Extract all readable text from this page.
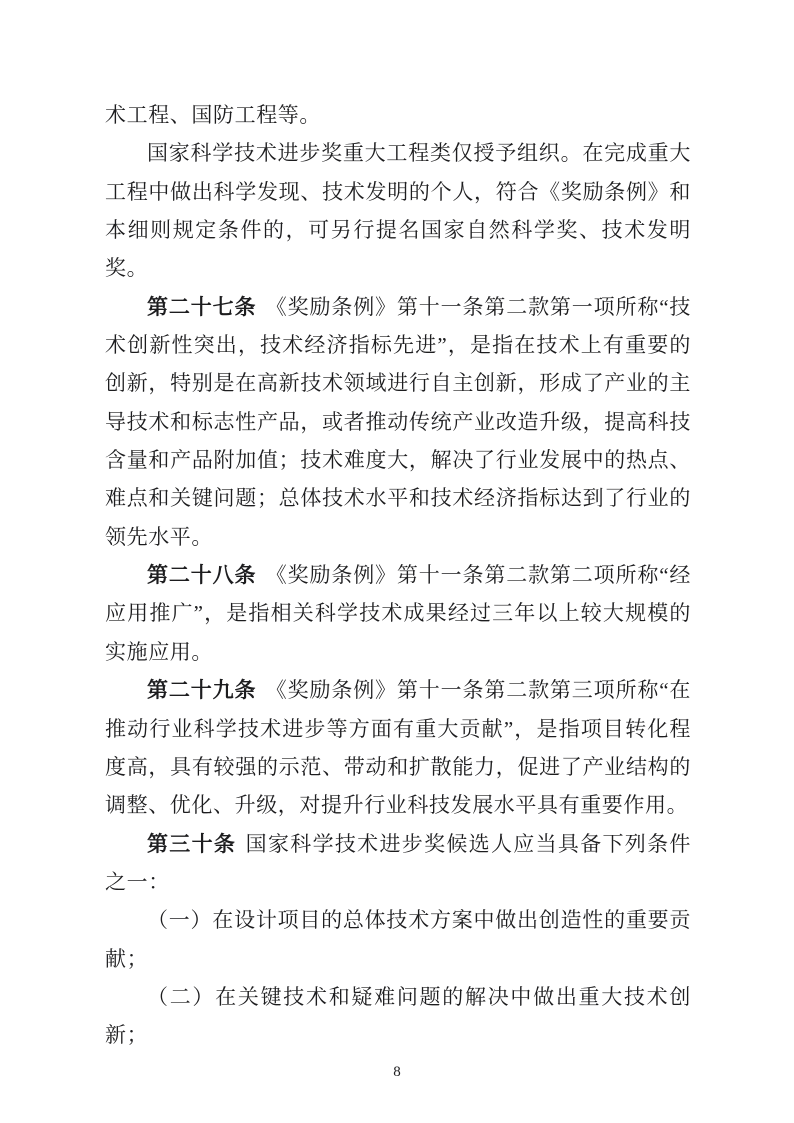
术工程、国防工程等。

国家科学技术进步奖重大工程类仅授予组织。在完成重大工程中做出科学发现、技术发明的个人，符合《奖励条例》和本细则规定条件的，可另行提名国家自然科学奖、技术发明奖。

第二十七条 《奖励条例》第十一条第二款第一项所称“技术创新性突出，技术经济指标先进”，是指在技术上有重要的创新，特别是在高新技术领域进行自主创新，形成了产业的主导技术和标志性产品，或者推动传统产业改造升级，提高科技含量和产品附加值；技术难度大，解决了行业发展中的热点、难点和关键问题；总体技术水平和技术经济指标达到了行业的领先水平。

第二十八条 《奖励条例》第十一条第二款第二项所称“经应用推广”，是指相关科学技术成果经过三年以上较大规模的实施应用。

第二十九条 《奖励条例》第十一条第二款第三项所称“在推动行业科学技术进步等方面有重大贡献”，是指项目转化程度高，具有较强的示范、带动和扩散能力，促进了产业结构的调整、优化、升级，对提升行业科技发展水平具有重要作用。

第三十条 国家科学技术进步奖候选人应当具备下列条件之一：

（一）在设计项目的总体技术方案中做出创造性的重要贡献；

（二）在关键技术和疑难问题的解决中做出重大技术创新；

8
